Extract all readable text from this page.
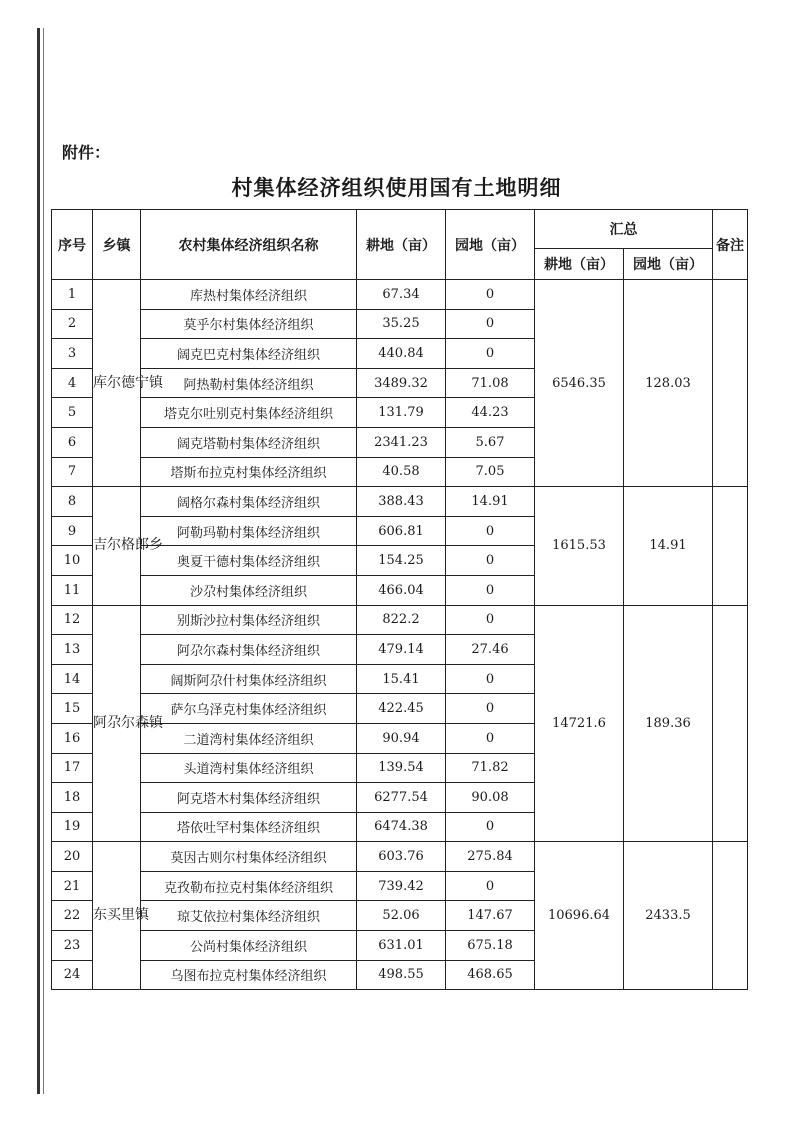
附件：
村集体经济组织使用国有土地明细
序号	乡镇	农村集体经济组织名称	耕地（亩）	园地（亩）	汇总		备注
					耕地（亩）	园地（亩）	
1	库尔德宁镇	库热村集体经济组织	67.34	0	6546.35	128.03	
2		莫乎尔村集体经济组织	35.25	0			
3		阔克巴克村集体经济组织	440.84	0			
4		阿热勒村集体经济组织	3489.32	71.08			
5		塔克尔吐别克村集体经济组织	131.79	44.23			
6		阔克塔勒村集体经济组织	2341.23	5.67			
7		塔斯布拉克村集体经济组织	40.58	7.05			
8	吉尔格郎乡	阔格尔森村集体经济组织	388.43	14.91	1615.53	14.91	
9		阿勒玛勒村集体经济组织	606.81	0			
10		奥夏干德村集体经济组织	154.25	0			
11		沙尕村集体经济组织	466.04	0			
12	阿尕尔森镇	别斯沙拉村集体经济组织	822.2	0	14721.6	189.36	
13		阿尕尔森村集体经济组织	479.14	27.46			
14		阔斯阿尕什村集体经济组织	15.41	0			
15		萨尔乌泽克村集体经济组织	422.45	0			
16		二道湾村集体经济组织	90.94	0			
17		头道湾村集体经济组织	139.54	71.82			
18		阿克塔木村集体经济组织	6277.54	90.08			
19		塔依吐罕村集体经济组织	6474.38	0			
20	东买里镇	莫因古则尔村集体经济组织	603.76	275.84	10696.64	2433.5	
21		克孜勒布拉克村集体经济组织	739.42	0			
22		琼艾依拉村集体经济组织	52.06	147.67			
23		公尚村集体经济组织	631.01	675.18			
24		乌图布拉克村集体经济组织	498.55	468.65			
